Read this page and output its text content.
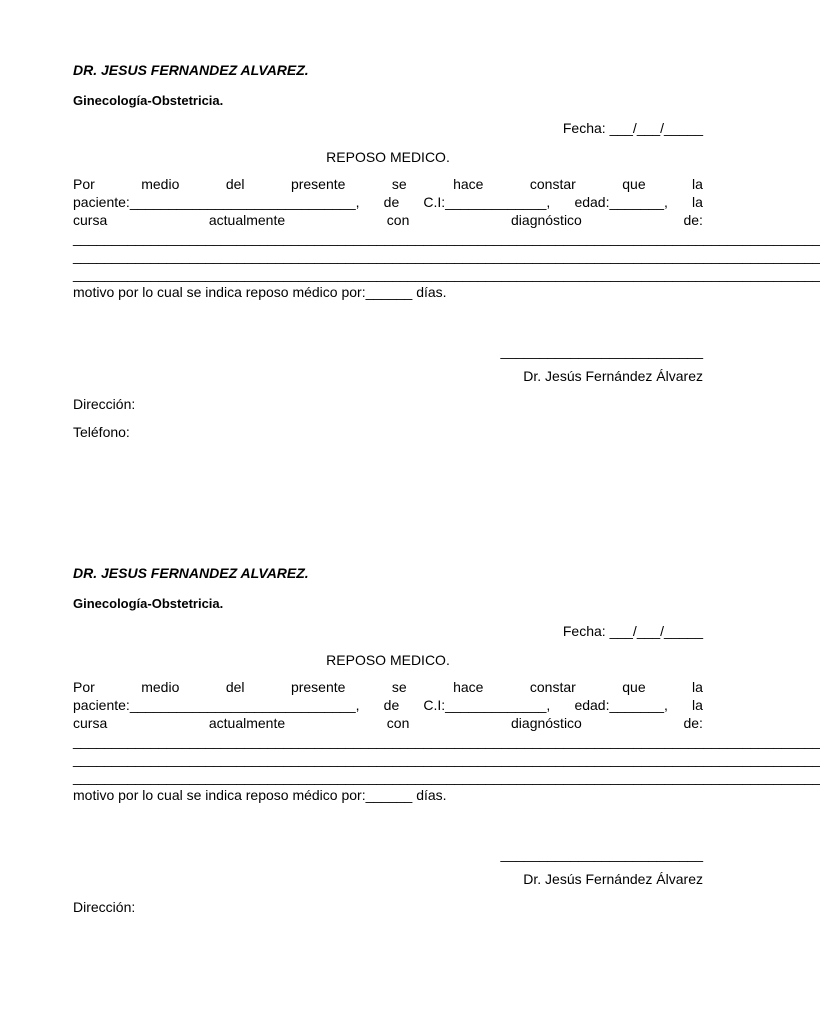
DR. JESUS FERNANDEZ ALVAREZ.
Ginecología-Obstetricia.
Fecha: ___/___/_____
REPOSO MEDICO.
Por	medio	del	presente	se	hace	constar	que	la
paciente:_____________________________, de C.I:_____________, edad:_______, la
cursa	actualmente	con	diagnóstico	de:
________________________________________________________________________________________________
________________________________________________________________________________________________
________________________________________________________________________________________________
motivo por lo cual se indica reposo médico por:______ días.
__________________________
Dr. Jesús Fernández Álvarez
Dirección:
Teléfono:
DR. JESUS FERNANDEZ ALVAREZ.
Ginecología-Obstetricia.
Fecha: ___/___/_____
REPOSO MEDICO.
Por	medio	del	presente	se	hace	constar	que	la
paciente:_____________________________, de C.I:_____________, edad:_______, la
cursa	actualmente	con	diagnóstico	de:
________________________________________________________________________________________________
________________________________________________________________________________________________
________________________________________________________________________________________________
motivo por lo cual se indica reposo médico por:______ días.
__________________________
Dr. Jesús Fernández Álvarez
Dirección:
